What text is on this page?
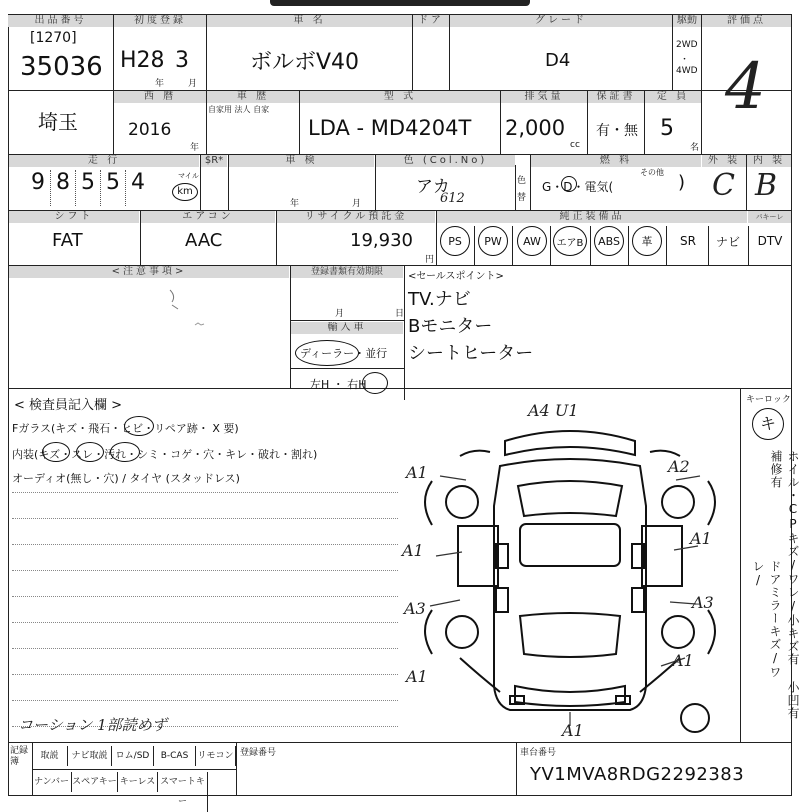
出品番号
[1270]
35036
初度登録
H28 3
年	月
車 名
ボルボV40
ドア	グレード
D4
駆動
2WD
・
4WD
評価点
4
埼玉
西 暦
2016
年
車 歴
自家用 法人 自家
型 式
LDA - MD4204T
排気量
2,000
cc
保証書
有・無
定 員
5
名
走 行
9 8 5 5 4	マイル
km
$R*	車 検
年	月
色 (Col.No)
アカ
612
色
替
燃 料
G・D・電気(
その他 )
外 装
C
内 装
B
シフト
FAT
エアコン
AAC
リサイクル預託金
19,930
円
純正装備品	パキーレ
PS	PW	AW	エアB	ABS	革	SR	ナビ	DTV
<注意事項>	登録書類有効期限
月	日
輸入車
ディーラー・並行
左H ・ 右H
<セールスポイント>
TV.ナビ
Bモニター
シートヒーター
< 検査員記入欄 >
Fガラス(キズ・飛石・ヒビ・リペア跡・ X 要)
内装(キズ・スレ・汚れ・シミ・コゲ・穴・キレ・破れ・割れ)
オーディオ(無し・穴) / タイヤ (スタッドレス)
コーション 1部読めず
A4 U1
A1	A2
A1
A1
A3	A3
A1
A1
A1
キーロック
キ
ホイル・CPキズ/ワレ/小キズ有 小凹有 補修有
ドアミラーキズ/ワレ/
記録簿
取説	ナビ取説 ロム/SD	B-CAS	リモコン
ナンバー スペアキー キーレス スマートキー
登録番号	車台番号
YV1MVA8RDG2292383
